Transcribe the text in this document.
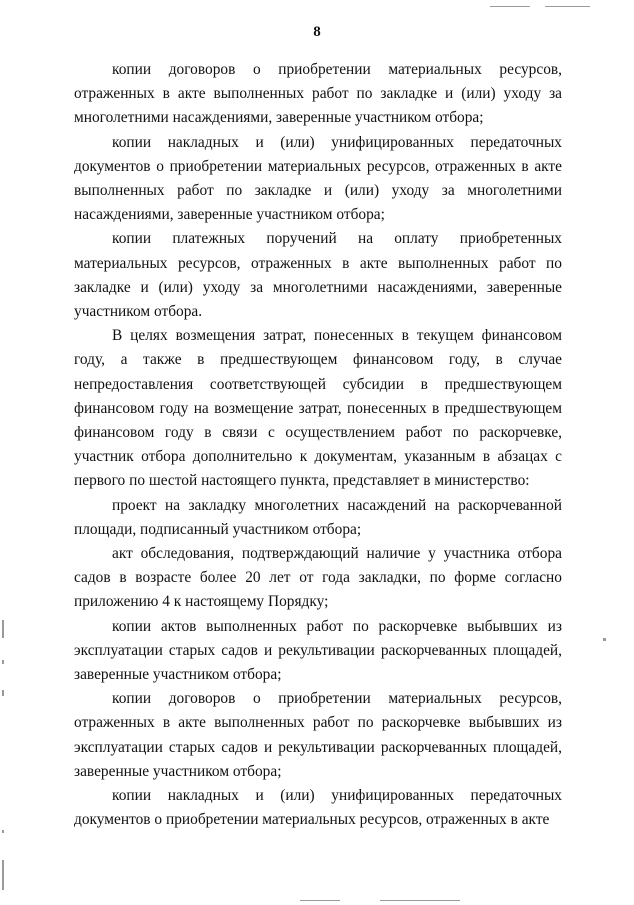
8

копии договоров о приобретении материальных ресурсов, отраженных в акте выполненных работ по закладке и (или) уходу за многолетними насаждениями, заверенные участником отбора;

копии накладных и (или) унифицированных передаточных документов о приобретении материальных ресурсов, отраженных в акте выполненных работ по закладке и (или) уходу за многолетними насаждениями, заверенные участником отбора;

копии платежных поручений на оплату приобретенных материальных ресурсов, отраженных в акте выполненных работ по закладке и (или) уходу за многолетними насаждениями, заверенные участником отбора.

В целях возмещения затрат, понесенных в текущем финансовом году, а также в предшествующем финансовом году, в случае непредоставления соответствующей субсидии в предшествующем финансовом году на возмещение затрат, понесенных в предшествующем финансовом году в связи с осуществлением работ по раскорчевке, участник отбора дополнительно к документам, указанным в абзацах с первого по шестой настоящего пункта, представляет в министерство:

проект на закладку многолетних насаждений на раскорчеванной площади, подписанный участником отбора;

акт обследования, подтверждающий наличие у участника отбора садов в возрасте более 20 лет от года закладки, по форме согласно приложению 4 к настоящему Порядку;

копии актов выполненных работ по раскорчевке выбывших из эксплуатации старых садов и рекультивации раскорчеванных площадей, заверенные участником отбора;

копии договоров о приобретении материальных ресурсов, отраженных в акте выполненных работ по раскорчевке выбывших из эксплуатации старых садов и рекультивации раскорчеванных площадей, заверенные участником отбора;

копии накладных и (или) унифицированных передаточных документов о приобретении материальных ресурсов, отраженных в акте
